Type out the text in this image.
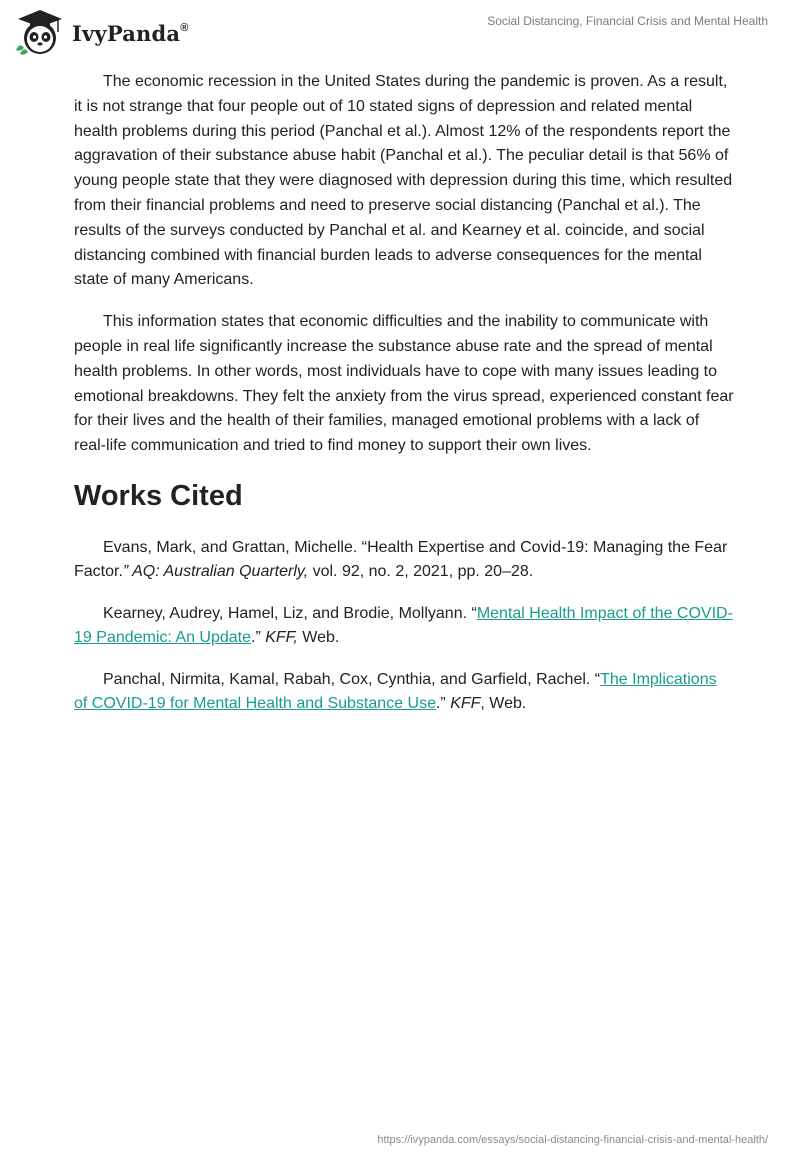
IvyPanda®	Social Distancing, Financial Crisis and Mental Health

The economic recession in the United States during the pandemic is proven. As a result, it is not strange that four people out of 10 stated signs of depression and related mental health problems during this period (Panchal et al.). Almost 12% of the respondents report the aggravation of their substance abuse habit (Panchal et al.). The peculiar detail is that 56% of young people state that they were diagnosed with depression during this time, which resulted from their financial problems and need to preserve social distancing (Panchal et al.). The results of the surveys conducted by Panchal et al. and Kearney et al. coincide, and social distancing combined with financial burden leads to adverse consequences for the mental state of many Americans.

This information states that economic difficulties and the inability to communicate with people in real life significantly increase the substance abuse rate and the spread of mental health problems. In other words, most individuals have to cope with many issues leading to emotional breakdowns. They felt the anxiety from the virus spread, experienced constant fear for their lives and the health of their families, managed emotional problems with a lack of real-life communication and tried to find money to support their own lives.

Works Cited

Evans, Mark, and Grattan, Michelle. “Health Expertise and Covid-19: Managing the Fear Factor.” AQ: Australian Quarterly, vol. 92, no. 2, 2021, pp. 20–28.

Kearney, Audrey, Hamel, Liz, and Brodie, Mollyann. “Mental Health Impact of the COVID-19 Pandemic: An Update.” KFF, Web.

Panchal, Nirmita, Kamal, Rabah, Cox, Cynthia, and Garfield, Rachel. “The Implications of COVID-19 for Mental Health and Substance Use.” KFF, Web.

https://ivypanda.com/essays/social-distancing-financial-crisis-and-mental-health/
